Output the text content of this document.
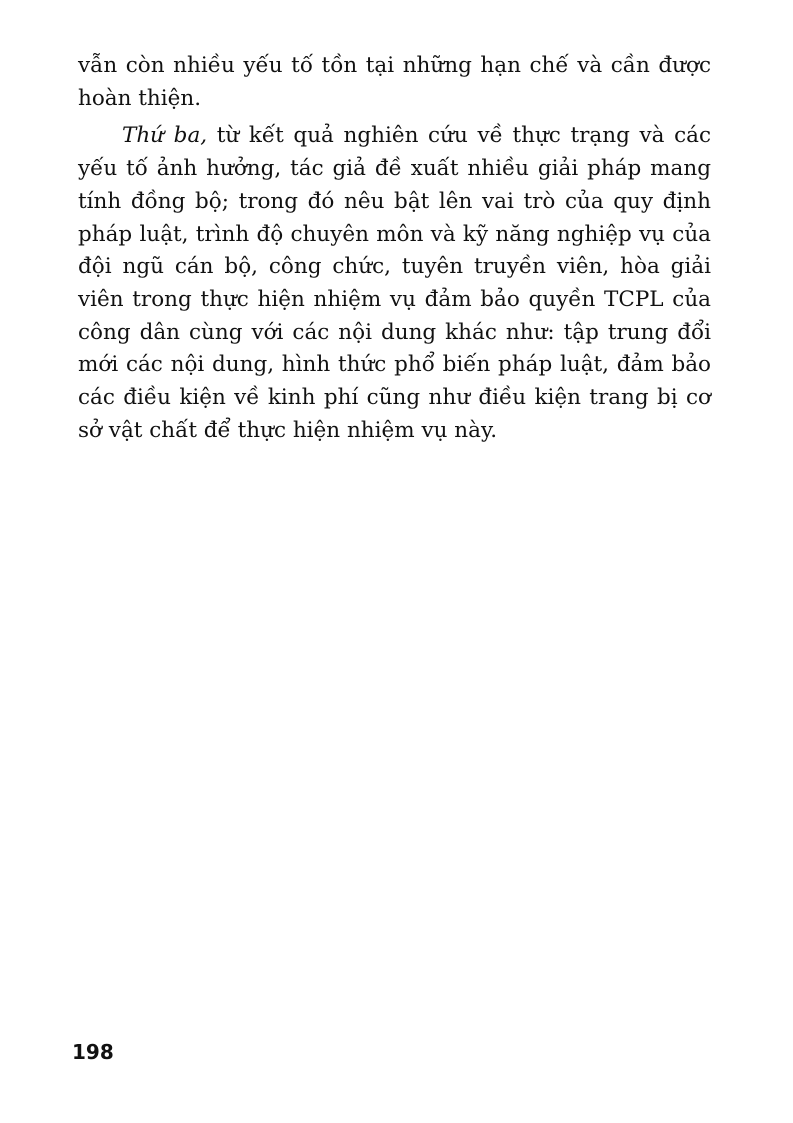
vẫn còn nhiều yếu tố tồn tại những hạn chế và cần được hoàn thiện.

Thứ ba, từ kết quả nghiên cứu về thực trạng và các yếu tố ảnh hưởng, tác giả đề xuất nhiều giải pháp mang tính đồng bộ; trong đó nêu bật lên vai trò của quy định pháp luật, trình độ chuyên môn và kỹ năng nghiệp vụ của đội ngũ cán bộ, công chức, tuyên truyền viên, hòa giải viên trong thực hiện nhiệm vụ đảm bảo quyền TCPL của công dân cùng với các nội dung khác như: tập trung đổi mới các nội dung, hình thức phổ biến pháp luật, đảm bảo các điều kiện về kinh phí cũng như điều kiện trang bị cơ sở vật chất để thực hiện nhiệm vụ này.

198
